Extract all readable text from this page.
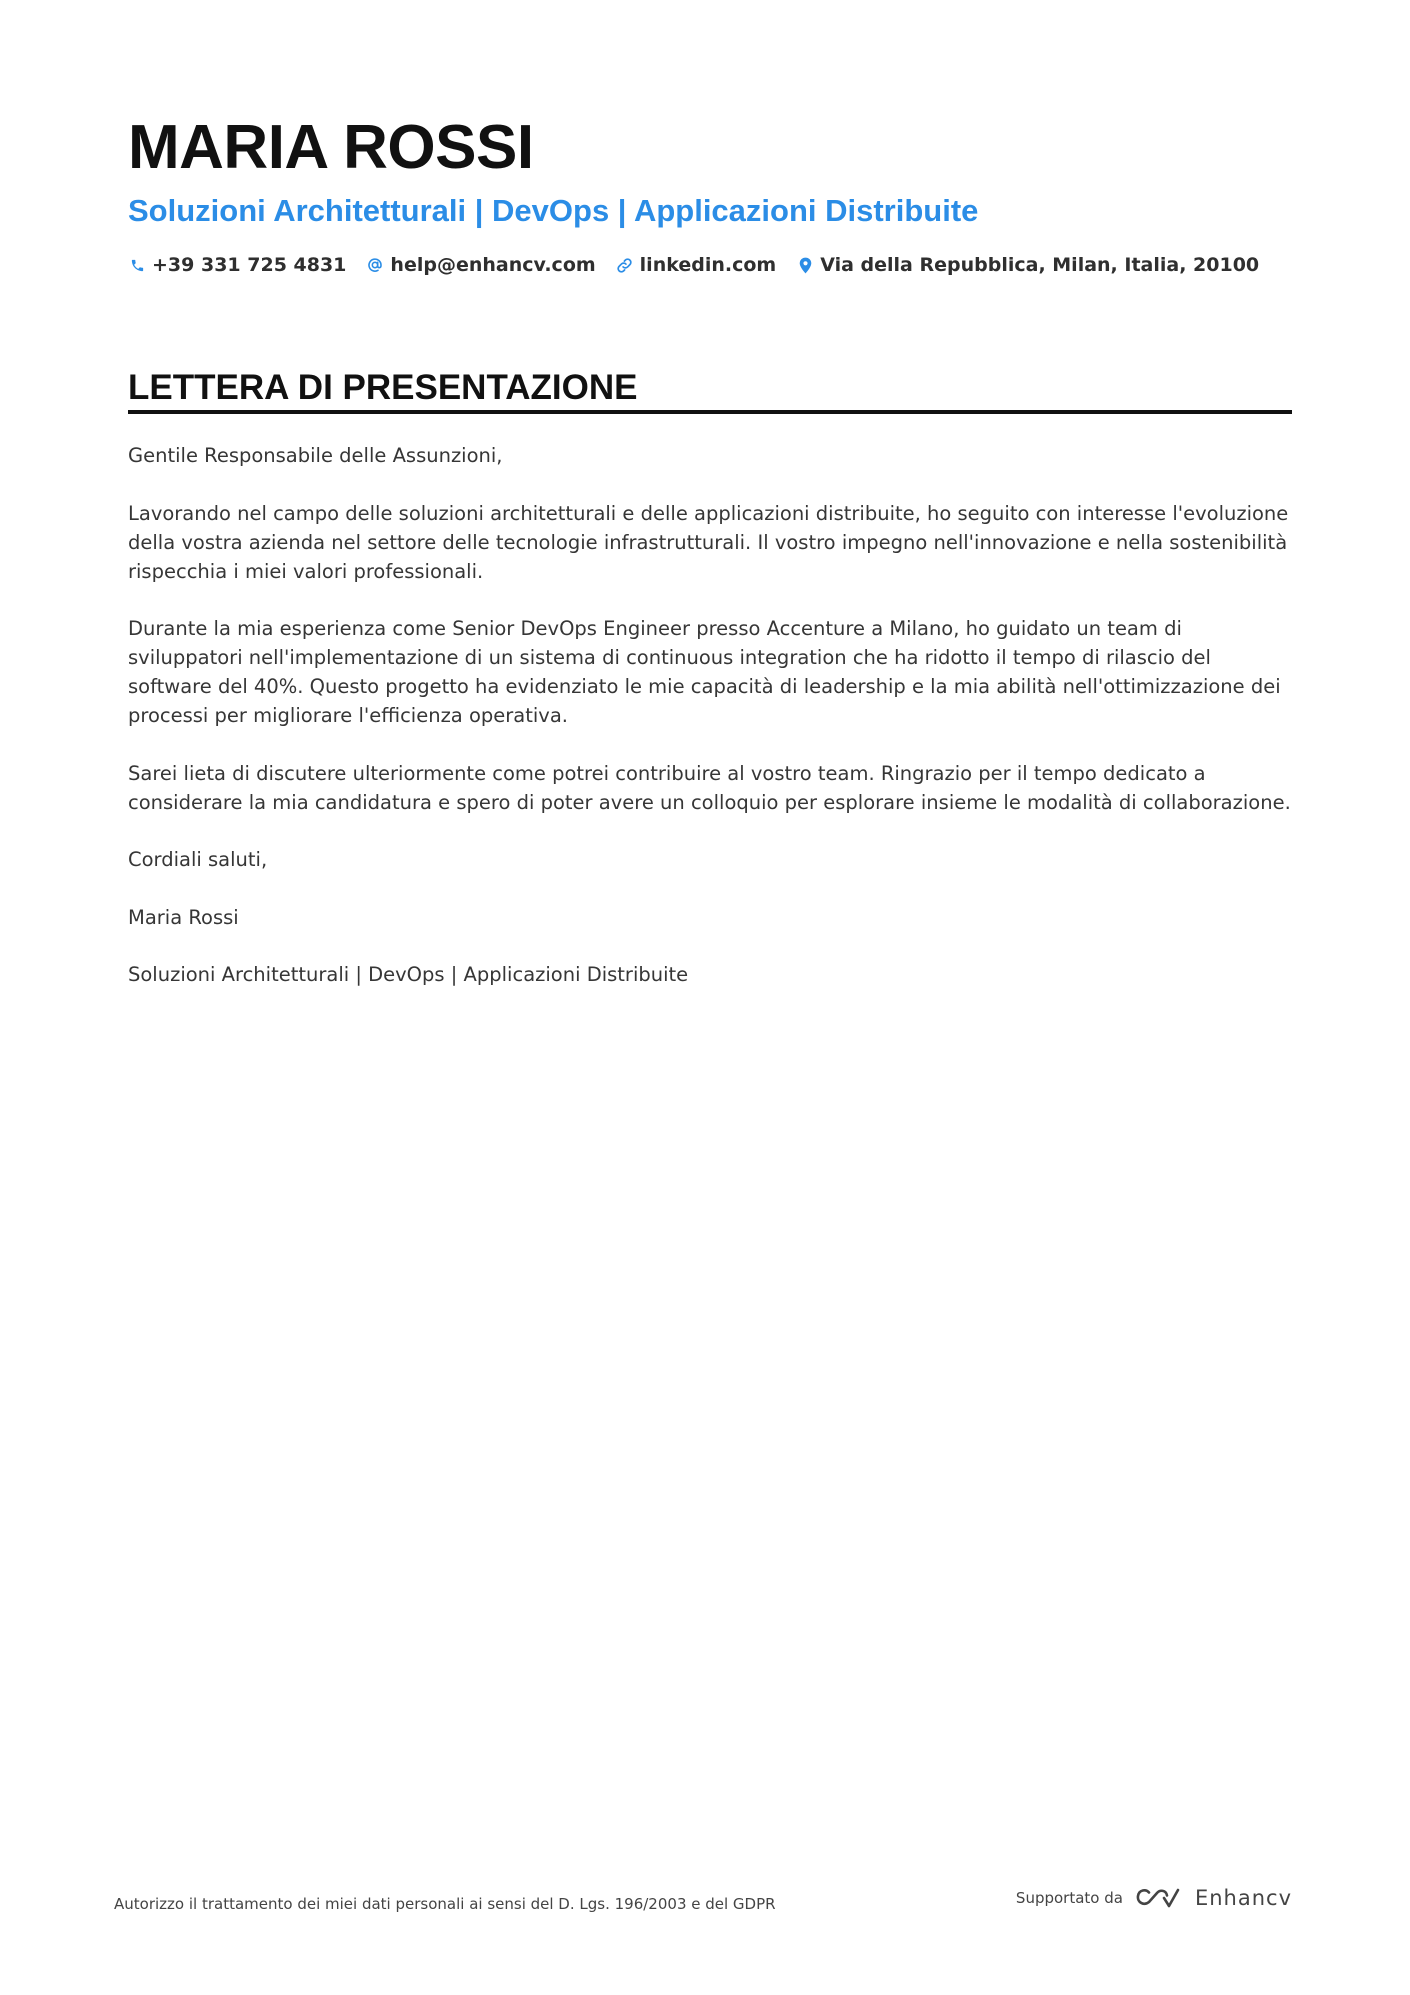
MARIA ROSSI
Soluzioni Architetturali | DevOps | Applicazioni Distribuite
+39 331 725 4831 help@enhancv.com linkedin.com Via della Repubblica, Milan, Italia, 20100
LETTERA DI PRESENTAZIONE

Gentile Responsabile delle Assunzioni,

Lavorando nel campo delle soluzioni architetturali e delle applicazioni distribuite, ho seguito con interesse l'evoluzione della vostra azienda nel settore delle tecnologie infrastrutturali. Il vostro impegno nell'innovazione e nella sostenibilità rispecchia i miei valori professionali.

Durante la mia esperienza come Senior DevOps Engineer presso Accenture a Milano, ho guidato un team di sviluppatori nell'implementazione di un sistema di continuous integration che ha ridotto il tempo di rilascio del software del 40%. Questo progetto ha evidenziato le mie capacità di leadership e la mia abilità nell'ottimizzazione dei processi per migliorare l'efficienza operativa.

Sarei lieta di discutere ulteriormente come potrei contribuire al vostro team. Ringrazio per il tempo dedicato a considerare la mia candidatura e spero di poter avere un colloquio per esplorare insieme le modalità di collaborazione.

Cordiali saluti,

Maria Rossi

Soluzioni Architetturali | DevOps | Applicazioni Distribuite

Autorizzo il trattamento dei miei dati personali ai sensi del D. Lgs. 196/2003 e del GDPR	Supportato da	Enhancv
